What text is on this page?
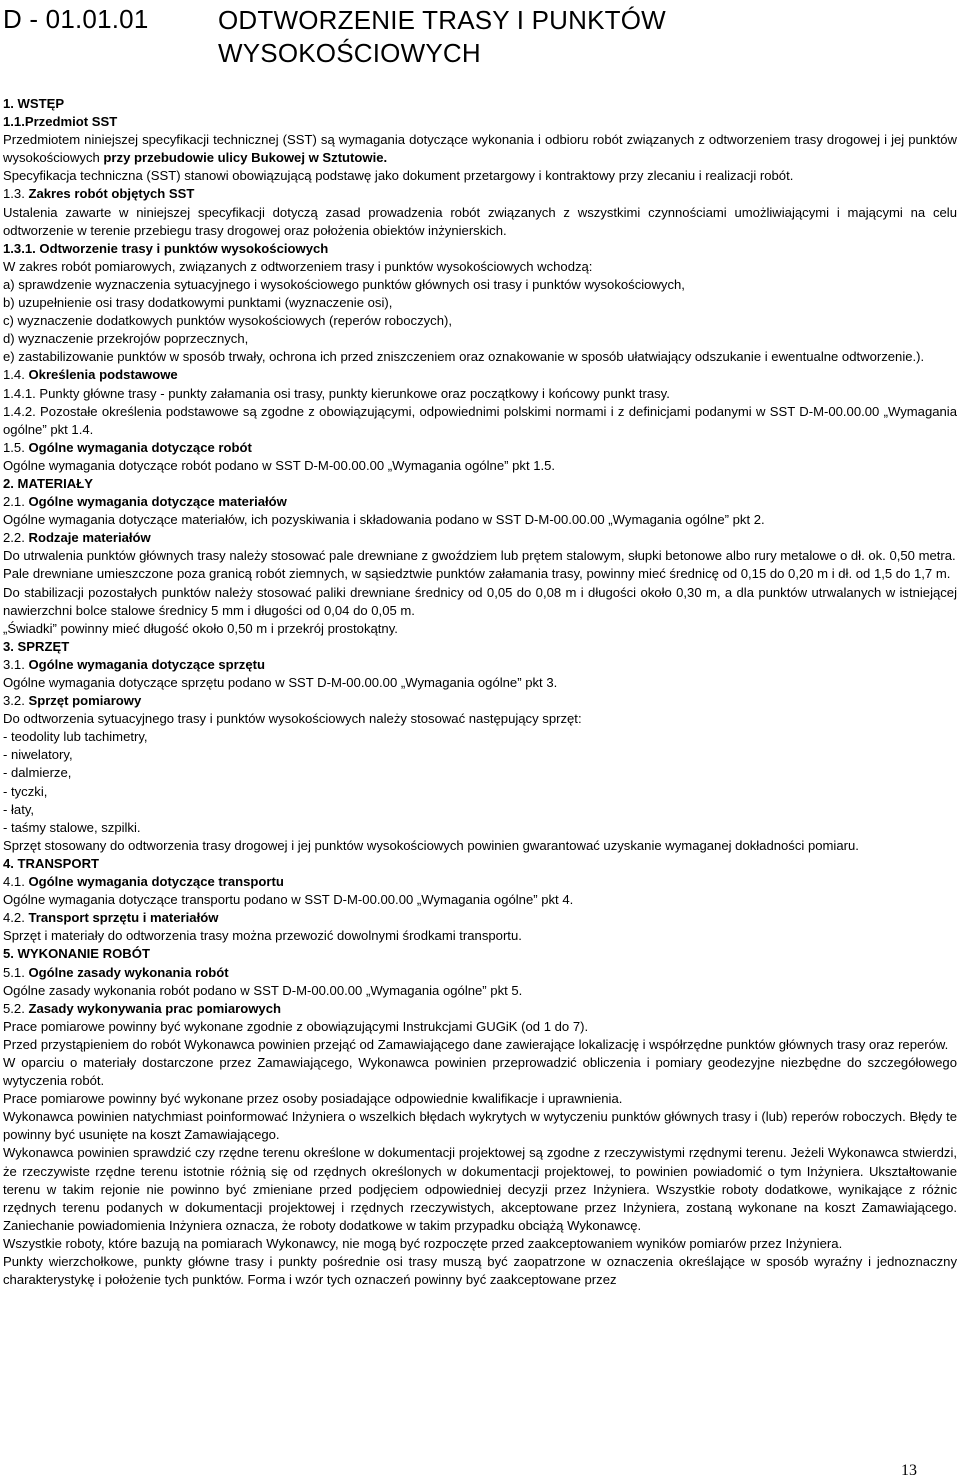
D - 01.01.01	ODTWORZENIE TRASY I PUNKTÓW WYSOKOŚCIOWYCH

1. WSTĘP

1.1.Przedmiot SST

Przedmiotem niniejszej specyfikacji technicznej (SST) są wymagania dotyczące wykonania i odbioru robót związanych z odtworzeniem trasy drogowej i jej punktów wysokościowych przy przebudowie ulicy Bukowej w Sztutowie.

Specyfikacja techniczna (SST) stanowi obowiązującą podstawę jako dokument przetargowy i kontraktowy przy zlecaniu i realizacji robót.

1.3. Zakres robót objętych SST

Ustalenia zawarte w niniejszej specyfikacji dotyczą zasad prowadzenia robót związanych z wszystkimi czynnościami umożliwiającymi i mającymi na celu odtworzenie w terenie przebiegu trasy drogowej oraz położenia obiektów inżynierskich.

1.3.1. Odtworzenie trasy i punktów wysokościowych

W zakres robót pomiarowych, związanych z odtworzeniem trasy i punktów wysokościowych wchodzą:

a) sprawdzenie wyznaczenia sytuacyjnego i wysokościowego punktów głównych osi trasy i punktów wysokościowych,

b) uzupełnienie osi trasy dodatkowymi punktami (wyznaczenie osi),

c) wyznaczenie dodatkowych punktów wysokościowych (reperów roboczych),

d) wyznaczenie przekrojów poprzecznych,

e) zastabilizowanie punktów w sposób trwały, ochrona ich przed zniszczeniem oraz oznakowanie w sposób ułatwiający odszukanie i ewentualne odtworzenie.).

1.4. Określenia podstawowe

1.4.1. Punkty główne trasy - punkty załamania osi trasy, punkty kierunkowe oraz początkowy i końcowy punkt trasy.

1.4.2. Pozostałe określenia podstawowe są zgodne z obowiązującymi, odpowiednimi polskimi normami i z definicjami podanymi w SST D-M-00.00.00 „Wymagania ogólne” pkt 1.4.

1.5. Ogólne wymagania dotyczące robót

Ogólne wymagania dotyczące robót podano w SST D-M-00.00.00 „Wymagania ogólne” pkt 1.5.

2. MATERIAŁY

2.1. Ogólne wymagania dotyczące materiałów

Ogólne wymagania dotyczące materiałów, ich pozyskiwania i składowania podano w SST D-M-00.00.00 „Wymagania ogólne” pkt 2.

2.2. Rodzaje materiałów

Do utrwalenia punktów głównych trasy należy stosować pale drewniane z gwoździem lub prętem stalowym, słupki betonowe albo rury metalowe o dł. ok. 0,50 metra.

Pale drewniane umieszczone poza granicą robót ziemnych, w sąsiedztwie punktów załamania trasy, powinny mieć średnicę od 0,15 do 0,20 m i dł. od 1,5 do 1,7 m.

Do stabilizacji pozostałych punktów należy stosować paliki drewniane średnicy od 0,05 do 0,08 m i długości około 0,30 m, a dla punktów utrwalanych w istniejącej nawierzchni bolce stalowe średnicy 5 mm i długości od 0,04 do 0,05 m.

„Świadki” powinny mieć długość około 0,50 m i przekrój prostokątny.

3. SPRZĘT

3.1. Ogólne wymagania dotyczące sprzętu

Ogólne wymagania dotyczące sprzętu podano w SST D-M-00.00.00 „Wymagania ogólne” pkt 3.

3.2. Sprzęt pomiarowy

Do odtworzenia sytuacyjnego trasy i punktów wysokościowych należy stosować następujący sprzęt:

- teodolity lub tachimetry,

- niwelatory,

- dalmierze,

- tyczki,

- łaty,

- taśmy stalowe, szpilki.

Sprzęt stosowany do odtworzenia trasy drogowej i jej punktów wysokościowych powinien gwarantować uzyskanie wymaganej dokładności pomiaru.

4. TRANSPORT

4.1. Ogólne wymagania dotyczące transportu

Ogólne wymagania dotyczące transportu podano w SST D-M-00.00.00 „Wymagania ogólne” pkt 4.

4.2. Transport sprzętu i materiałów

Sprzęt i materiały do odtworzenia trasy można przewozić dowolnymi środkami transportu.

5. WYKONANIE ROBÓT

5.1. Ogólne zasady wykonania robót

Ogólne zasady wykonania robót podano w SST D-M-00.00.00 „Wymagania ogólne” pkt 5.

5.2. Zasady wykonywania prac pomiarowych

Prace pomiarowe powinny być wykonane zgodnie z obowiązującymi Instrukcjami GUGiK (od 1 do 7).

Przed przystąpieniem do robót Wykonawca powinien przejąć od Zamawiającego dane zawierające lokalizację i współrzędne punktów głównych trasy oraz reperów.

W oparciu o materiały dostarczone przez Zamawiającego, Wykonawca powinien przeprowadzić obliczenia i pomiary geodezyjne niezbędne do szczegółowego wytyczenia robót.

Prace pomiarowe powinny być wykonane przez osoby posiadające odpowiednie kwalifikacje i uprawnienia.

Wykonawca powinien natychmiast poinformować Inżyniera o wszelkich błędach wykrytych w wytyczeniu punktów głównych trasy i (lub) reperów roboczych. Błędy te powinny być usunięte na koszt Zamawiającego.

Wykonawca powinien sprawdzić czy rzędne terenu określone w dokumentacji projektowej są zgodne z rzeczywistymi rzędnymi terenu. Jeżeli Wykonawca stwierdzi, że rzeczywiste rzędne terenu istotnie różnią się od rzędnych określonych w dokumentacji projektowej, to powinien powiadomić o tym Inżyniera. Ukształtowanie terenu w takim rejonie nie powinno być zmieniane przed podjęciem odpowiedniej decyzji przez Inżyniera. Wszystkie roboty dodatkowe, wynikające z różnic rzędnych terenu podanych w dokumentacji projektowej i rzędnych rzeczywistych, akceptowane przez Inżyniera, zostaną wykonane na koszt Zamawiającego. Zaniechanie powiadomienia Inżyniera oznacza, że roboty dodatkowe w takim przypadku obciążą Wykonawcę.

Wszystkie roboty, które bazują na pomiarach Wykonawcy, nie mogą być rozpoczęte przed zaakceptowaniem wyników pomiarów przez Inżyniera.

Punkty wierzchołkowe, punkty główne trasy i punkty pośrednie osi trasy muszą być zaopatrzone w oznaczenia określające w sposób wyraźny i jednoznaczny charakterystykę i położenie tych punktów. Forma i wzór tych oznaczeń powinny być zaakceptowane przez

13
